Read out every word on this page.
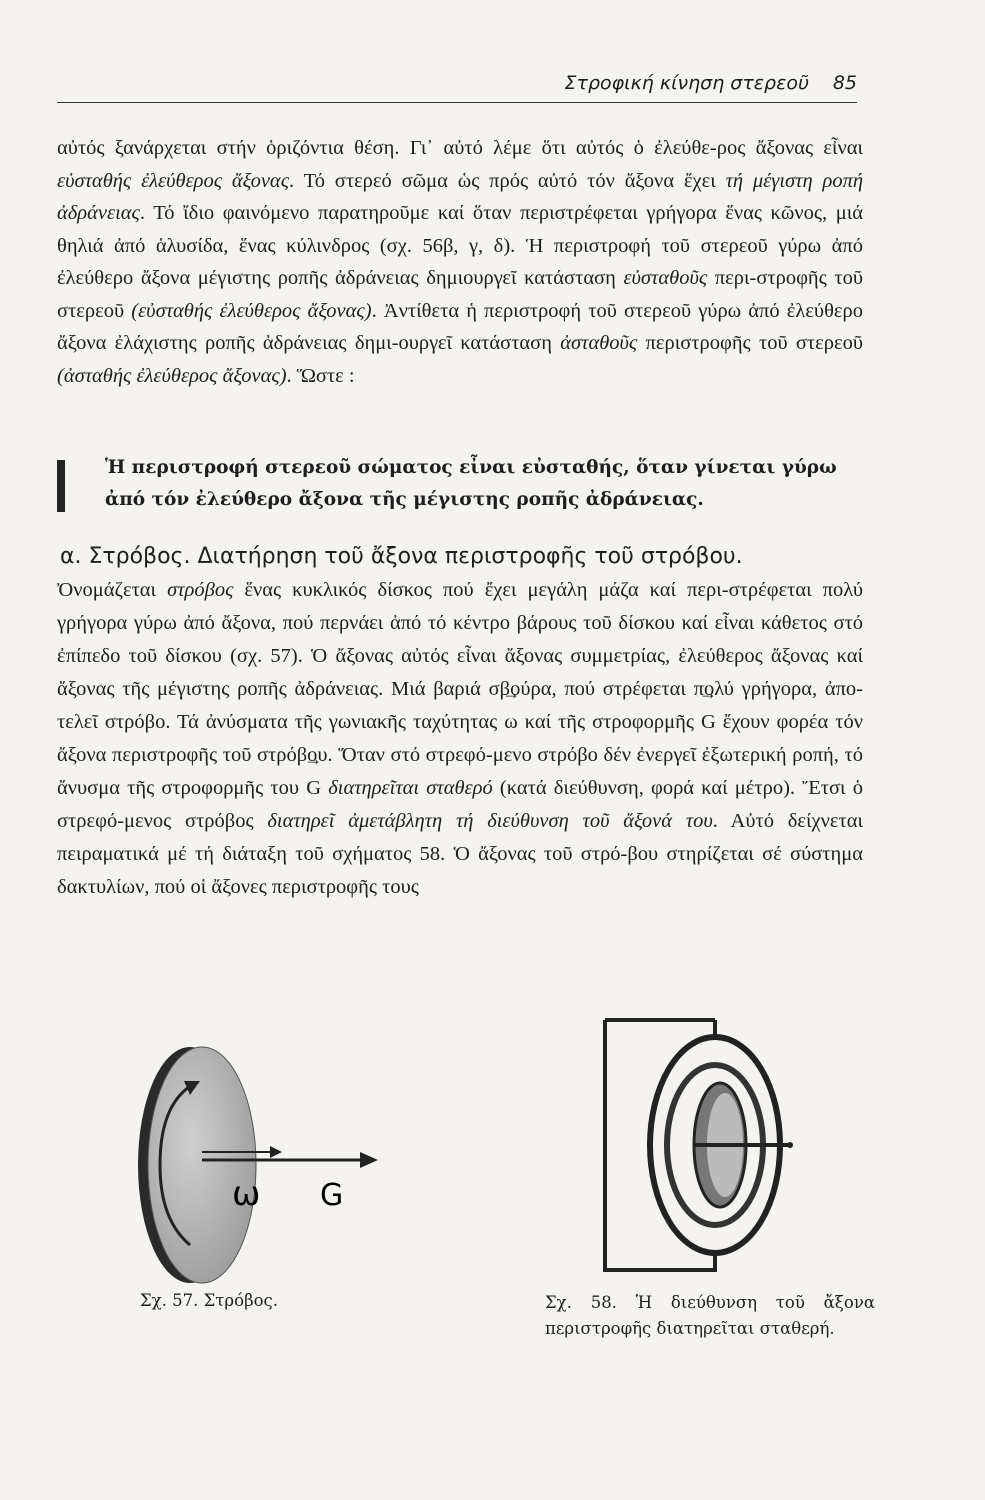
Στροφική κίνηση στερεοῦ 85

αὐτός ξανάρχεται στήν ὁριζόντια θέση. Γι᾽ αὐτό λέμε ὅτι αὐτός ὁ ἐλεύθε-ρος ἄξονας εἶναι εὐσταθής ἐλεύθερος ἄξονας. Τό στερεό σῶμα ὡς πρός αὐτό τόν ἄξονα ἔχει τή μέγιστη ροπή ἀδράνειας. Τό ἴδιο φαινόμενο παρατηροῦμε καί ὅταν περιστρέφεται γρήγορα ἕνας κῶνος, μιά θηλιά ἀπό ἁλυσίδα, ἕνας κύλινδρος (σχ. 56β, γ, δ). Ἡ περιστροφή τοῦ στερεοῦ γύρω ἀπό ἐλεύθερο ἄξονα μέγιστης ροπῆς ἀδράνειας δημιουργεῖ κατάσταση εὐσταθοῦς περι-στροφῆς τοῦ στερεοῦ (εὐσταθής ἐλεύθερος ἄξονας). Ἀντίθετα ἡ περιστροφή τοῦ στερεοῦ γύρω ἀπό ἐλεύθερο ἄξονα ἐλάχιστης ροπῆς ἀδράνειας δημι-ουργεῖ κατάσταση ἀσταθοῦς περιστροφῆς τοῦ στερεοῦ (ἀσταθής ἐλεύθερος ἄξονας). Ὥστε :

Ἡ περιστροφή στερεοῦ σώματος εἶναι εὐσταθής, ὅταν γίνεται γύρω
ἀπό τόν ἐλεύθερο ἄξονα τῆς μέγιστης ροπῆς ἀδράνειας.
α. Στρόβος. Διατήρηση τοῦ ἄξονα περιστροφῆς τοῦ στρόβου.

Ὀνομάζεται στρόβος ἕνας κυκλικός δίσκος πού ἔχει μεγάλη μάζα καί περι-στρέφεται πολύ γρήγορα γύρω ἀπό ἄξονα, πού περνάει ἀπό τό κέντρο βάρους τοῦ δίσκου καί εἶναι κάθετος στό ἐπίπεδο τοῦ δίσκου (σχ. 57). Ὁ ἄξονας αὐτός εἶναι ἄξονας συμμετρίας, ἐλεύθερος ἄξονας καί ἄξονας τῆς μέγιστης ροπῆς ἀδράνειας. Μιά βαριά σβούρα, πού στρέφεται πολύ γρήγορα, ἀπο-τελεῖ στρόβο. Τά ἀνύσματα τῆς γωνιακῆς ταχύτητας → ω καί τῆς στροφορμῆς → G ἔχουν φορέα τόν ἄξονα περιστροφῆς τοῦ στρόβου. Ὅταν στό στρεφό-μενο στρόβο δέν ἐνεργεῖ ἐξωτερική ροπή, τό ἄνυσμα τῆς στροφορμῆς του → G διατηρεῖται σταθερό (κατά διεύθυνση, φορά καί μέτρο). Ἔτσι ὁ στρεφό-μενος στρόβος διατηρεῖ ἀμετάβλητη τή διεύθυνση τοῦ ἄξονά του. Αὐτό δείχνεται πειραματικά μέ τή διάταξη τοῦ σχήματος 58. Ὁ ἄξονας τοῦ στρό-βου στηρίζεται σέ σύστημα δακτυλίων, πού οἱ ἄξονες περιστροφῆς τους

ω G
Σχ. 57. Στρόβος.	Σχ. 58. Ἡ διεύθυνση τοῦ ἄξονα περιστροφῆς διατηρεῖται σταθερή.
